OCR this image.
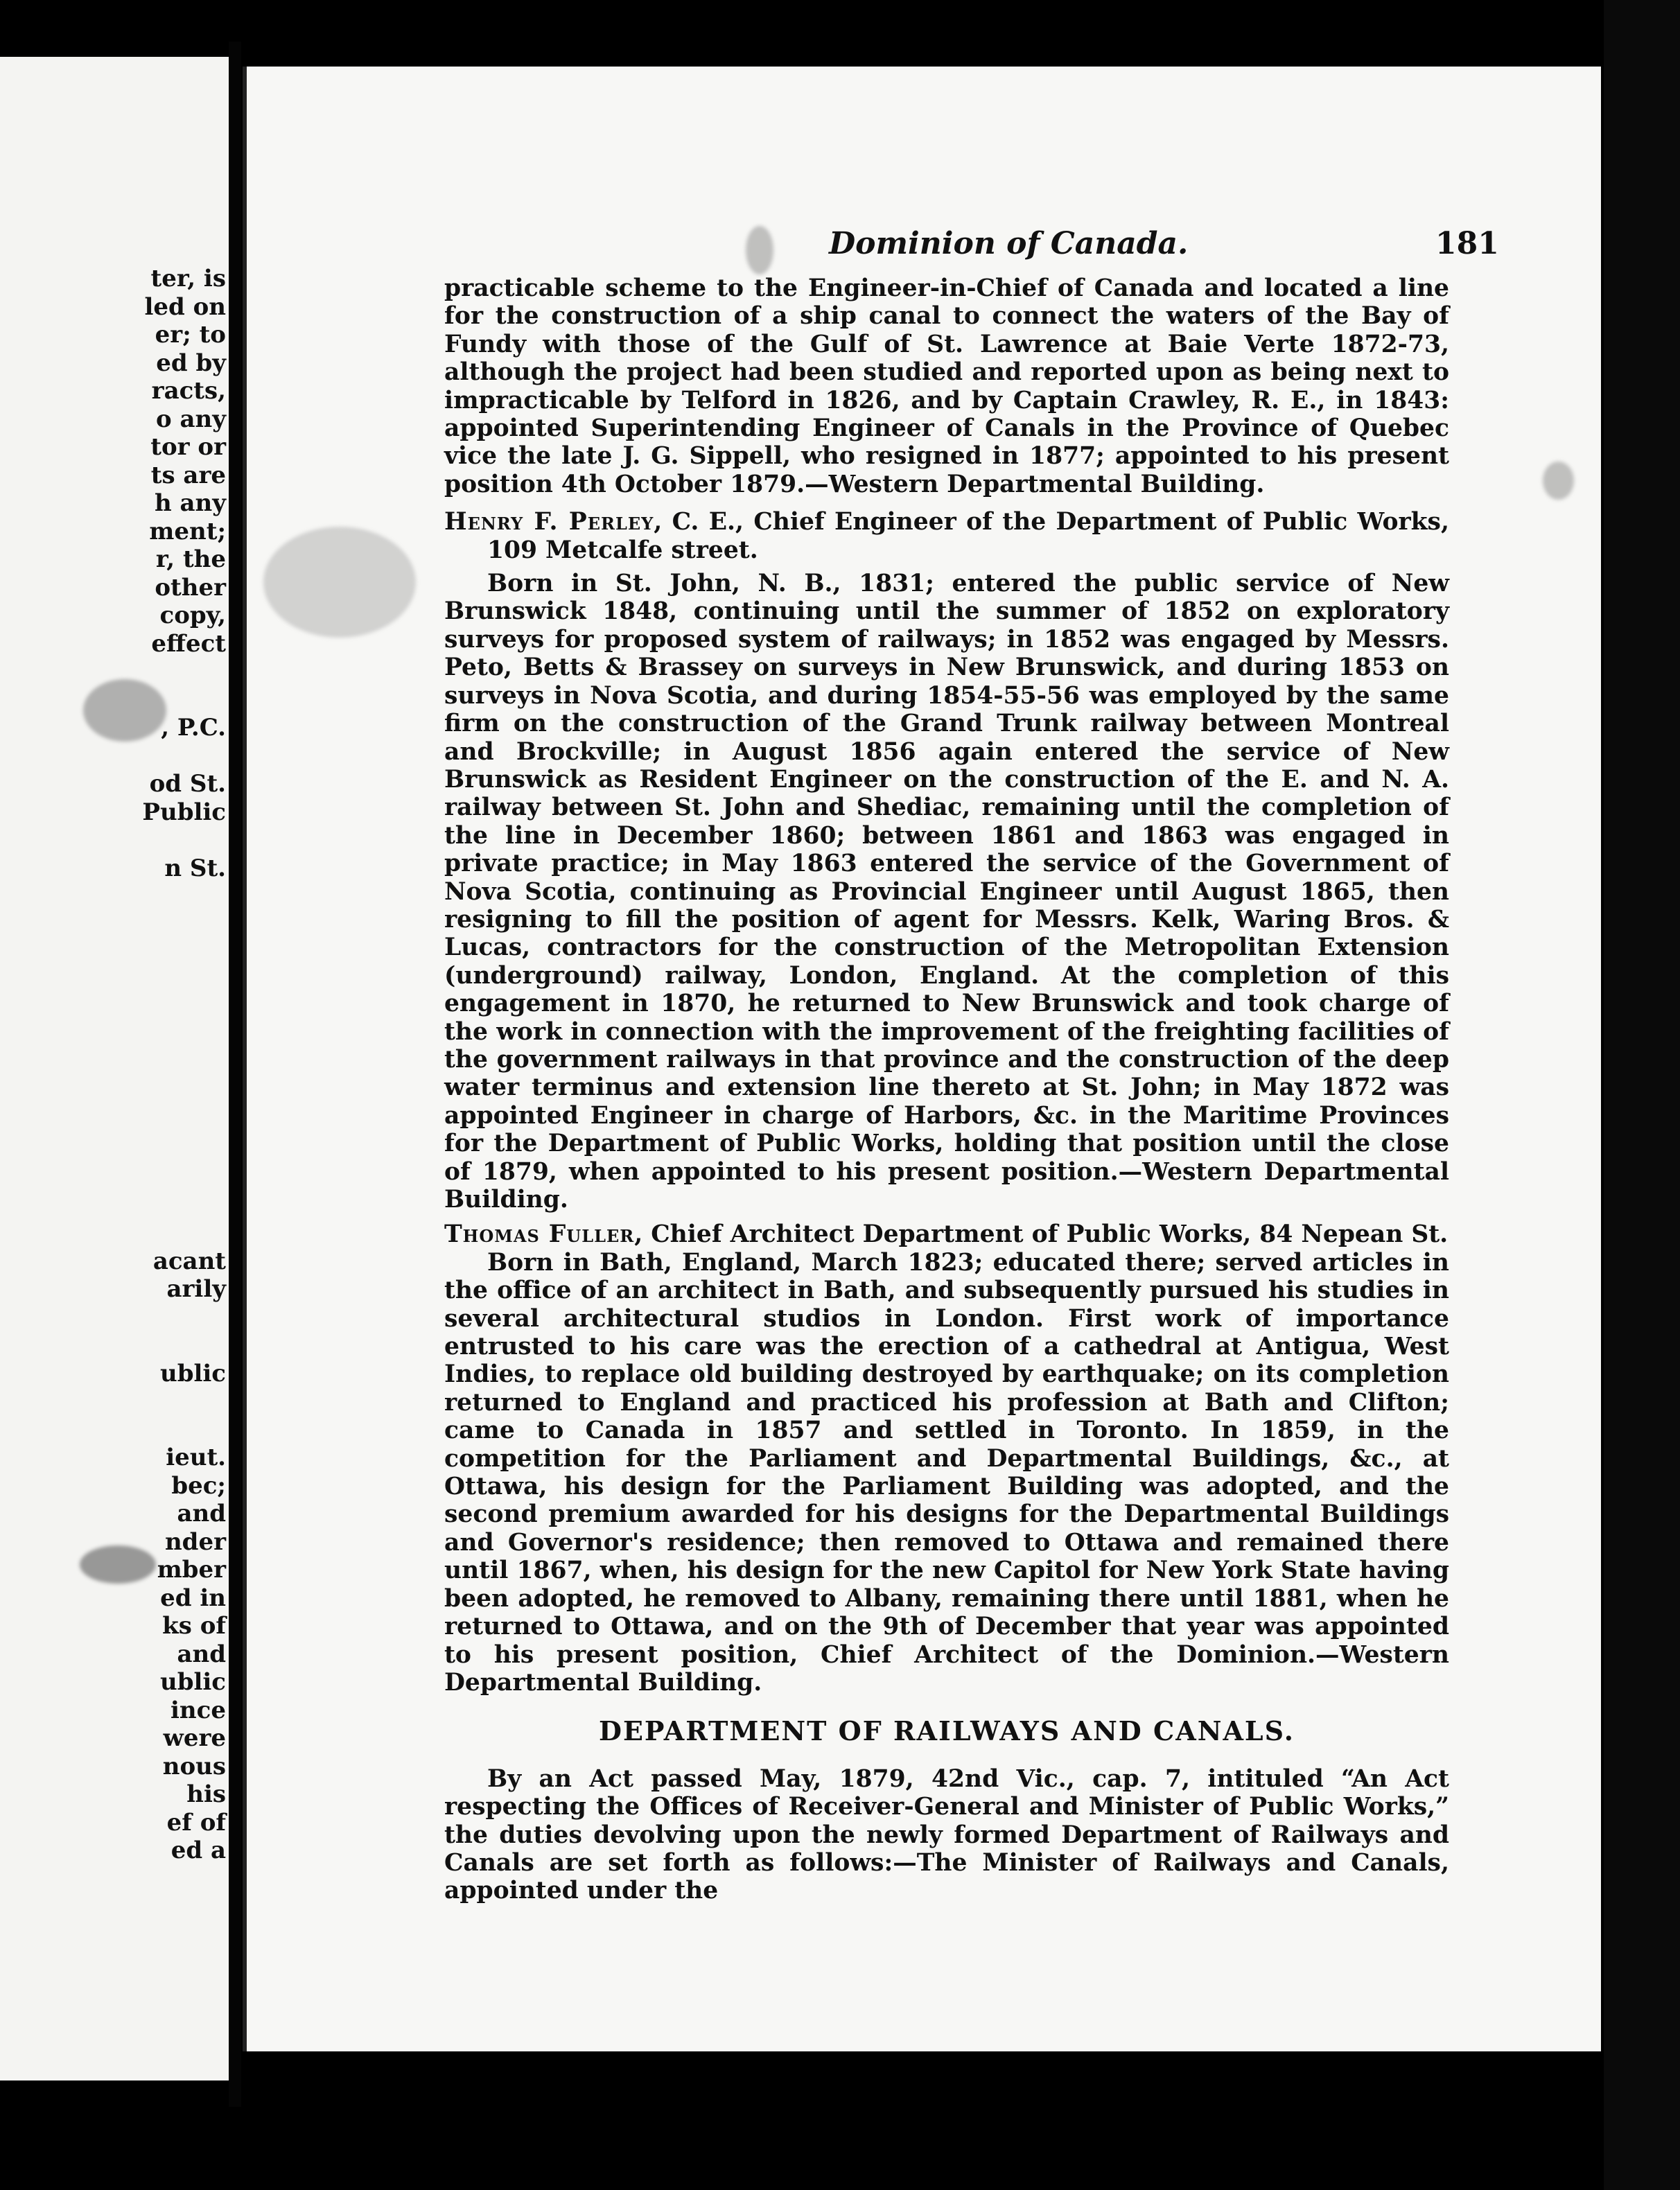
ter, is
led on
er; to
ed by
racts,
o any
tor or
ts are
h any
ment;
r, the
other
copy,
effect
, P.C.
od St.
Public
n St.
acant
arily
ublic
ieut.
bec;
and
nder
mber
ed in
ks of
and
ublic
ince
were
nous
his
ef of
ed a
Dominion of Canada.	181

practicable scheme to the Engineer-in-Chief of Canada and located a line for the construction of a ship canal to connect the waters of the Bay of Fundy with those of the Gulf of St. Lawrence at Baie Verte 1872-73, although the project had been studied and reported upon as being next to impracticable by Telford in 1826, and by Captain Crawley, R. E., in 1843: appointed Superintending Engineer of Canals in the Province of Quebec vice the late J. G. Sippell, who resigned in 1877; appointed to his present position 4th October 1879.—Western Departmental Building.

Henry F. Perley, C. E., Chief Engineer of the Department of Public Works, 109 Metcalfe street.

Born in St. John, N. B., 1831; entered the public service of New Brunswick 1848, continuing until the summer of 1852 on exploratory surveys for proposed system of railways; in 1852 was engaged by Messrs. Peto, Betts & Brassey on surveys in New Brunswick, and during 1853 on surveys in Nova Scotia, and during 1854-55-56 was employed by the same firm on the construction of the Grand Trunk railway between Montreal and Brockville; in August 1856 again entered the service of New Brunswick as Resident Engineer on the construction of the E. and N. A. railway between St. John and Shediac, remaining until the completion of the line in December 1860; between 1861 and 1863 was engaged in private practice; in May 1863 entered the service of the Government of Nova Scotia, continuing as Provincial Engineer until August 1865, then resigning to fill the position of agent for Messrs. Kelk, Waring Bros. & Lucas, contractors for the construction of the Metropolitan Extension (underground) railway, London, England. At the completion of this engagement in 1870, he returned to New Brunswick and took charge of the work in connection with the improvement of the freighting facilities of the government railways in that province and the construction of the deep water terminus and extension line thereto at St. John; in May 1872 was appointed Engineer in charge of Harbors, &c. in the Maritime Provinces for the Department of Public Works, holding that position until the close of 1879, when appointed to his present position.—Western Departmental Building.

Thomas Fuller, Chief Architect Department of Public Works, 84 Nepean St.

Born in Bath, England, March 1823; educated there; served articles in the office of an architect in Bath, and subsequently pursued his studies in several architectural studios in London. First work of importance entrusted to his care was the erection of a cathedral at Antigua, West Indies, to replace old building destroyed by earthquake; on its completion returned to England and practiced his profession at Bath and Clifton; came to Canada in 1857 and settled in Toronto. In 1859, in the competition for the Parliament and Departmental Buildings, &c., at Ottawa, his design for the Parliament Building was adopted, and the second premium awarded for his designs for the Departmental Buildings and Governor's residence; then removed to Ottawa and remained there until 1867, when, his design for the new Capitol for New York State having been adopted, he removed to Albany, remaining there until 1881, when he returned to Ottawa, and on the 9th of December that year was appointed to his present position, Chief Architect of the Dominion.—Western Departmental Building.

DEPARTMENT OF RAILWAYS AND CANALS.

By an Act passed May, 1879, 42nd Vic., cap. 7, intituled “An Act respecting the Offices of Receiver-General and Minister of Public Works,” the duties devolving upon the newly formed Department of Railways and Canals are set forth as follows:—The Minister of Railways and Canals, appointed under the
